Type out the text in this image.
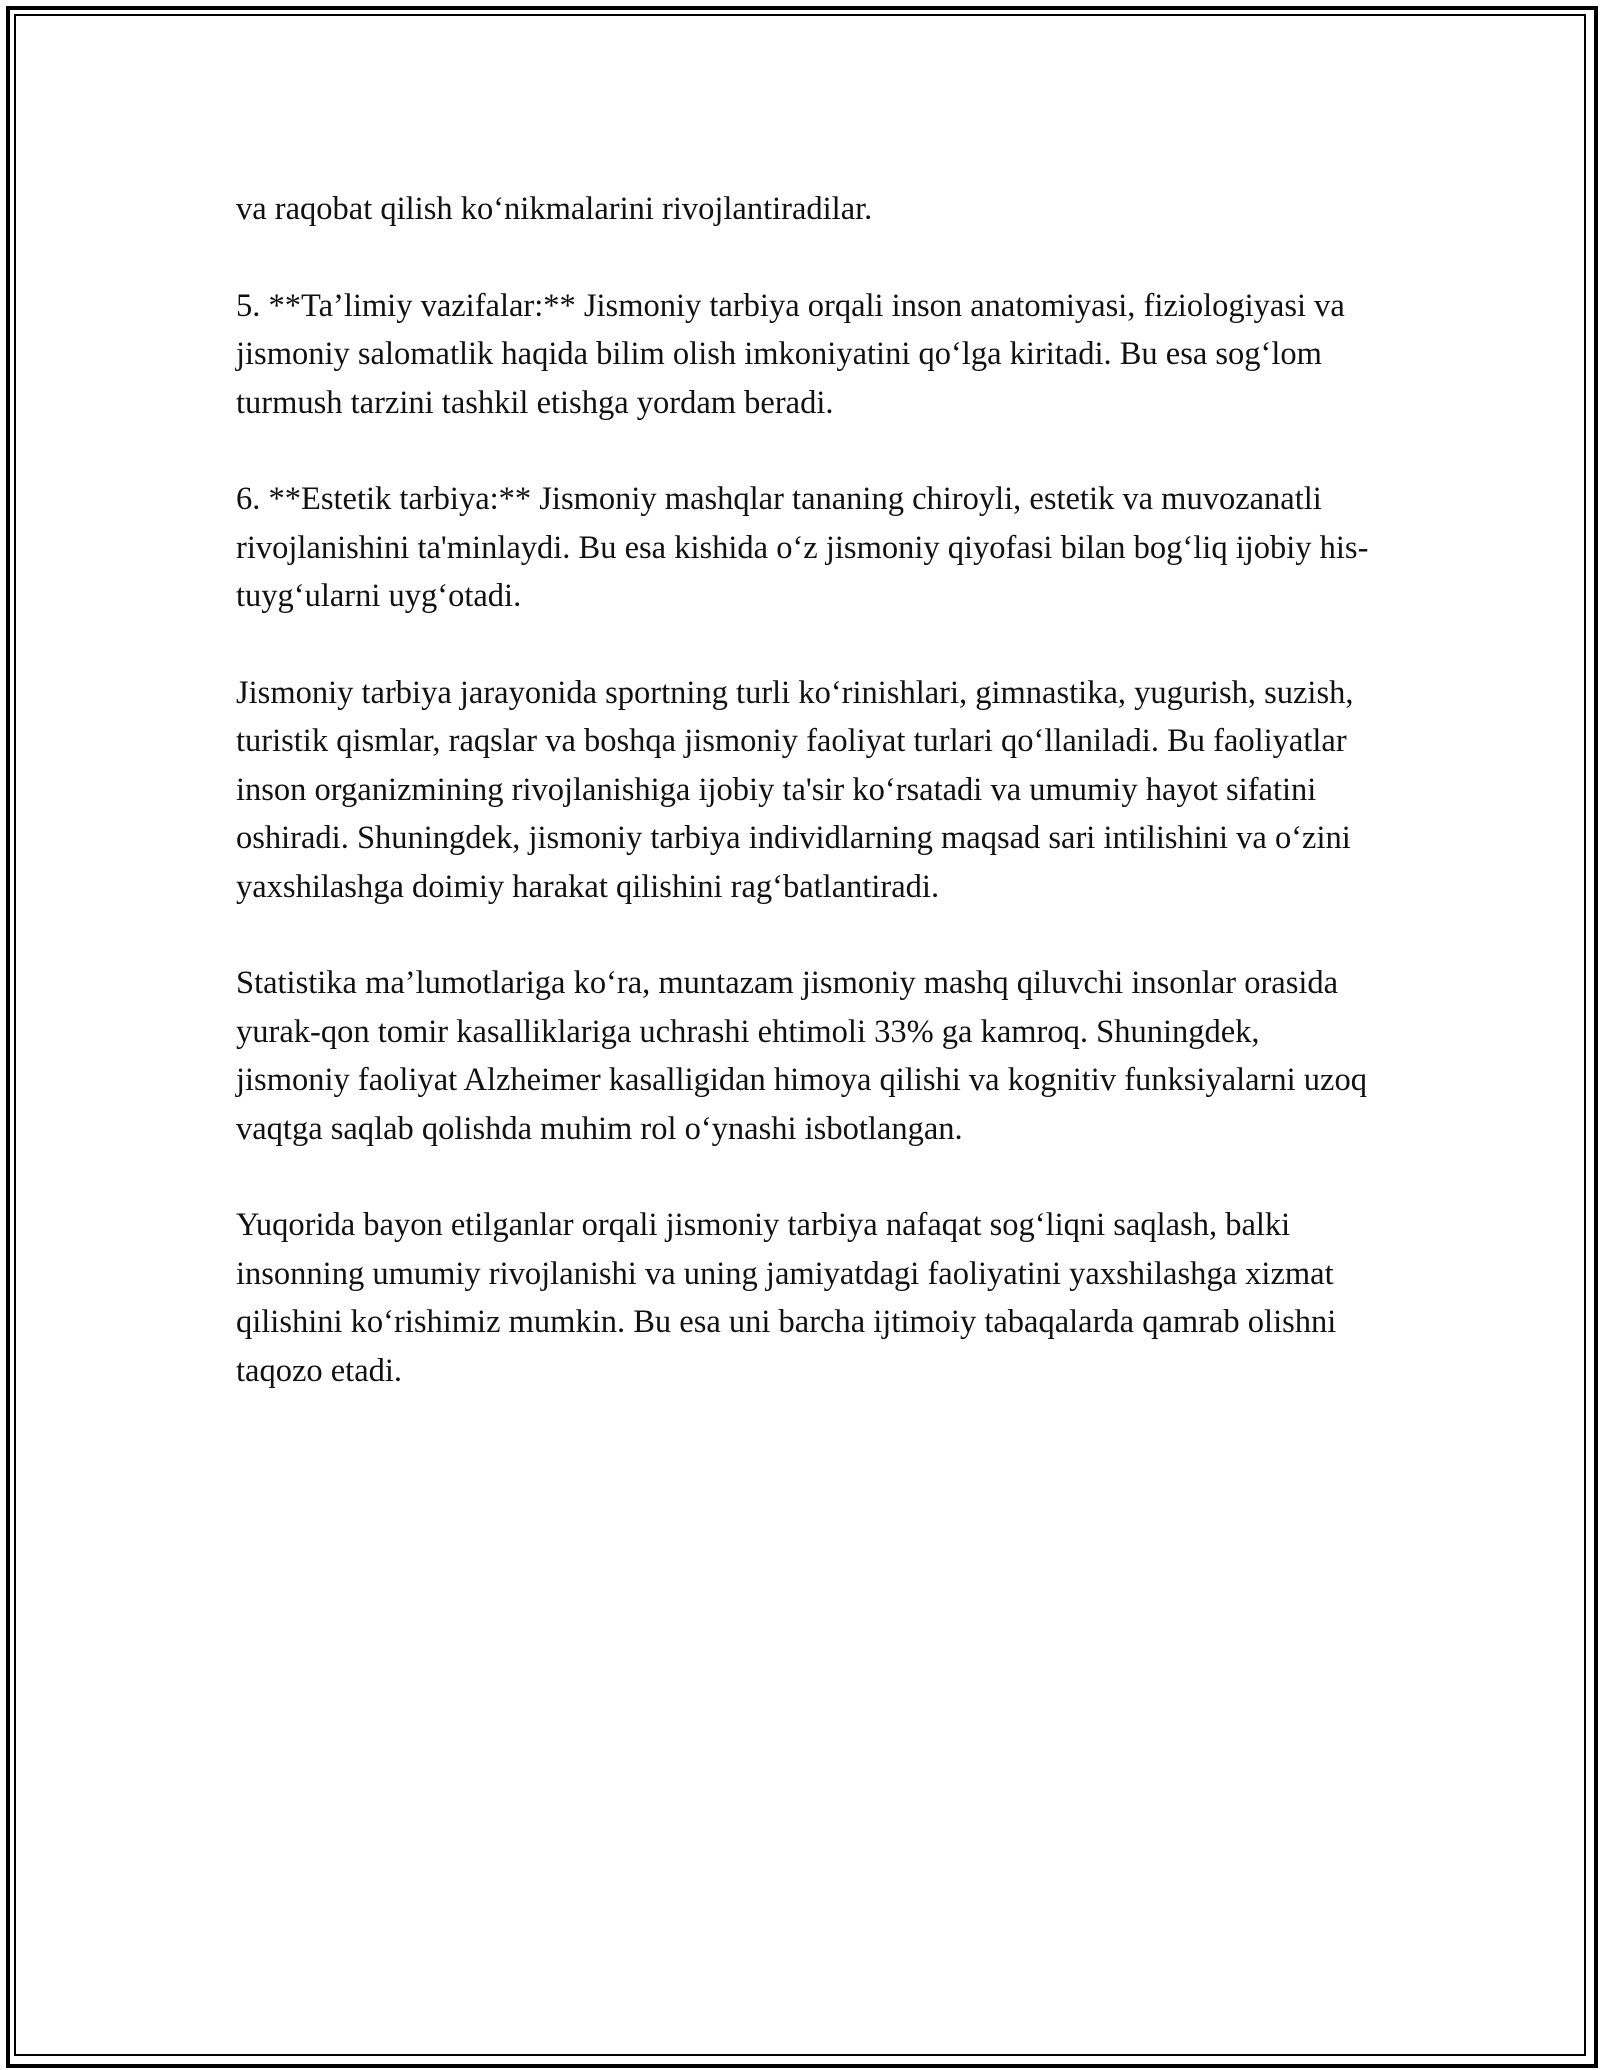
va raqobat qilish ko‘nikmalarini rivojlantiradilar.

5. **Ta’limiy vazifalar:** Jismoniy tarbiya orqali inson anatomiyasi, fiziologiyasi va jismoniy salomatlik haqida bilim olish imkoniyatini qo‘lga kiritadi. Bu esa sog‘lom turmush tarzini tashkil etishga yordam beradi.

6. **Estetik tarbiya:** Jismoniy mashqlar tananing chiroyli, estetik va muvozanatli rivojlanishini ta'minlaydi. Bu esa kishida o‘z jismoniy qiyofasi bilan bog‘liq ijobiy his-tuyg‘ularni uyg‘otadi.

Jismoniy tarbiya jarayonida sportning turli ko‘rinishlari, gimnastika, yugurish, suzish, turistik qismlar, raqslar va boshqa jismoniy faoliyat turlari qo‘llaniladi. Bu faoliyatlar inson organizmining rivojlanishiga ijobiy ta'sir ko‘rsatadi va umumiy hayot sifatini oshiradi. Shuningdek, jismoniy tarbiya individlarning maqsad sari intilishini va o‘zini yaxshilashga doimiy harakat qilishini rag‘batlantiradi.

Statistika ma’lumotlariga ko‘ra, muntazam jismoniy mashq qiluvchi insonlar orasida yurak-qon tomir kasalliklariga uchrashi ehtimoli 33% ga kamroq. Shuningdek, jismoniy faoliyat Alzheimer kasalligidan himoya qilishi va kognitiv funksiyalarni uzoq vaqtga saqlab qolishda muhim rol o‘ynashi isbotlangan.

Yuqorida bayon etilganlar orqali jismoniy tarbiya nafaqat sog‘liqni saqlash, balki insonning umumiy rivojlanishi va uning jamiyatdagi faoliyatini yaxshilashga xizmat qilishini ko‘rishimiz mumkin. Bu esa uni barcha ijtimoiy tabaqalarda qamrab olishni taqozo etadi.
